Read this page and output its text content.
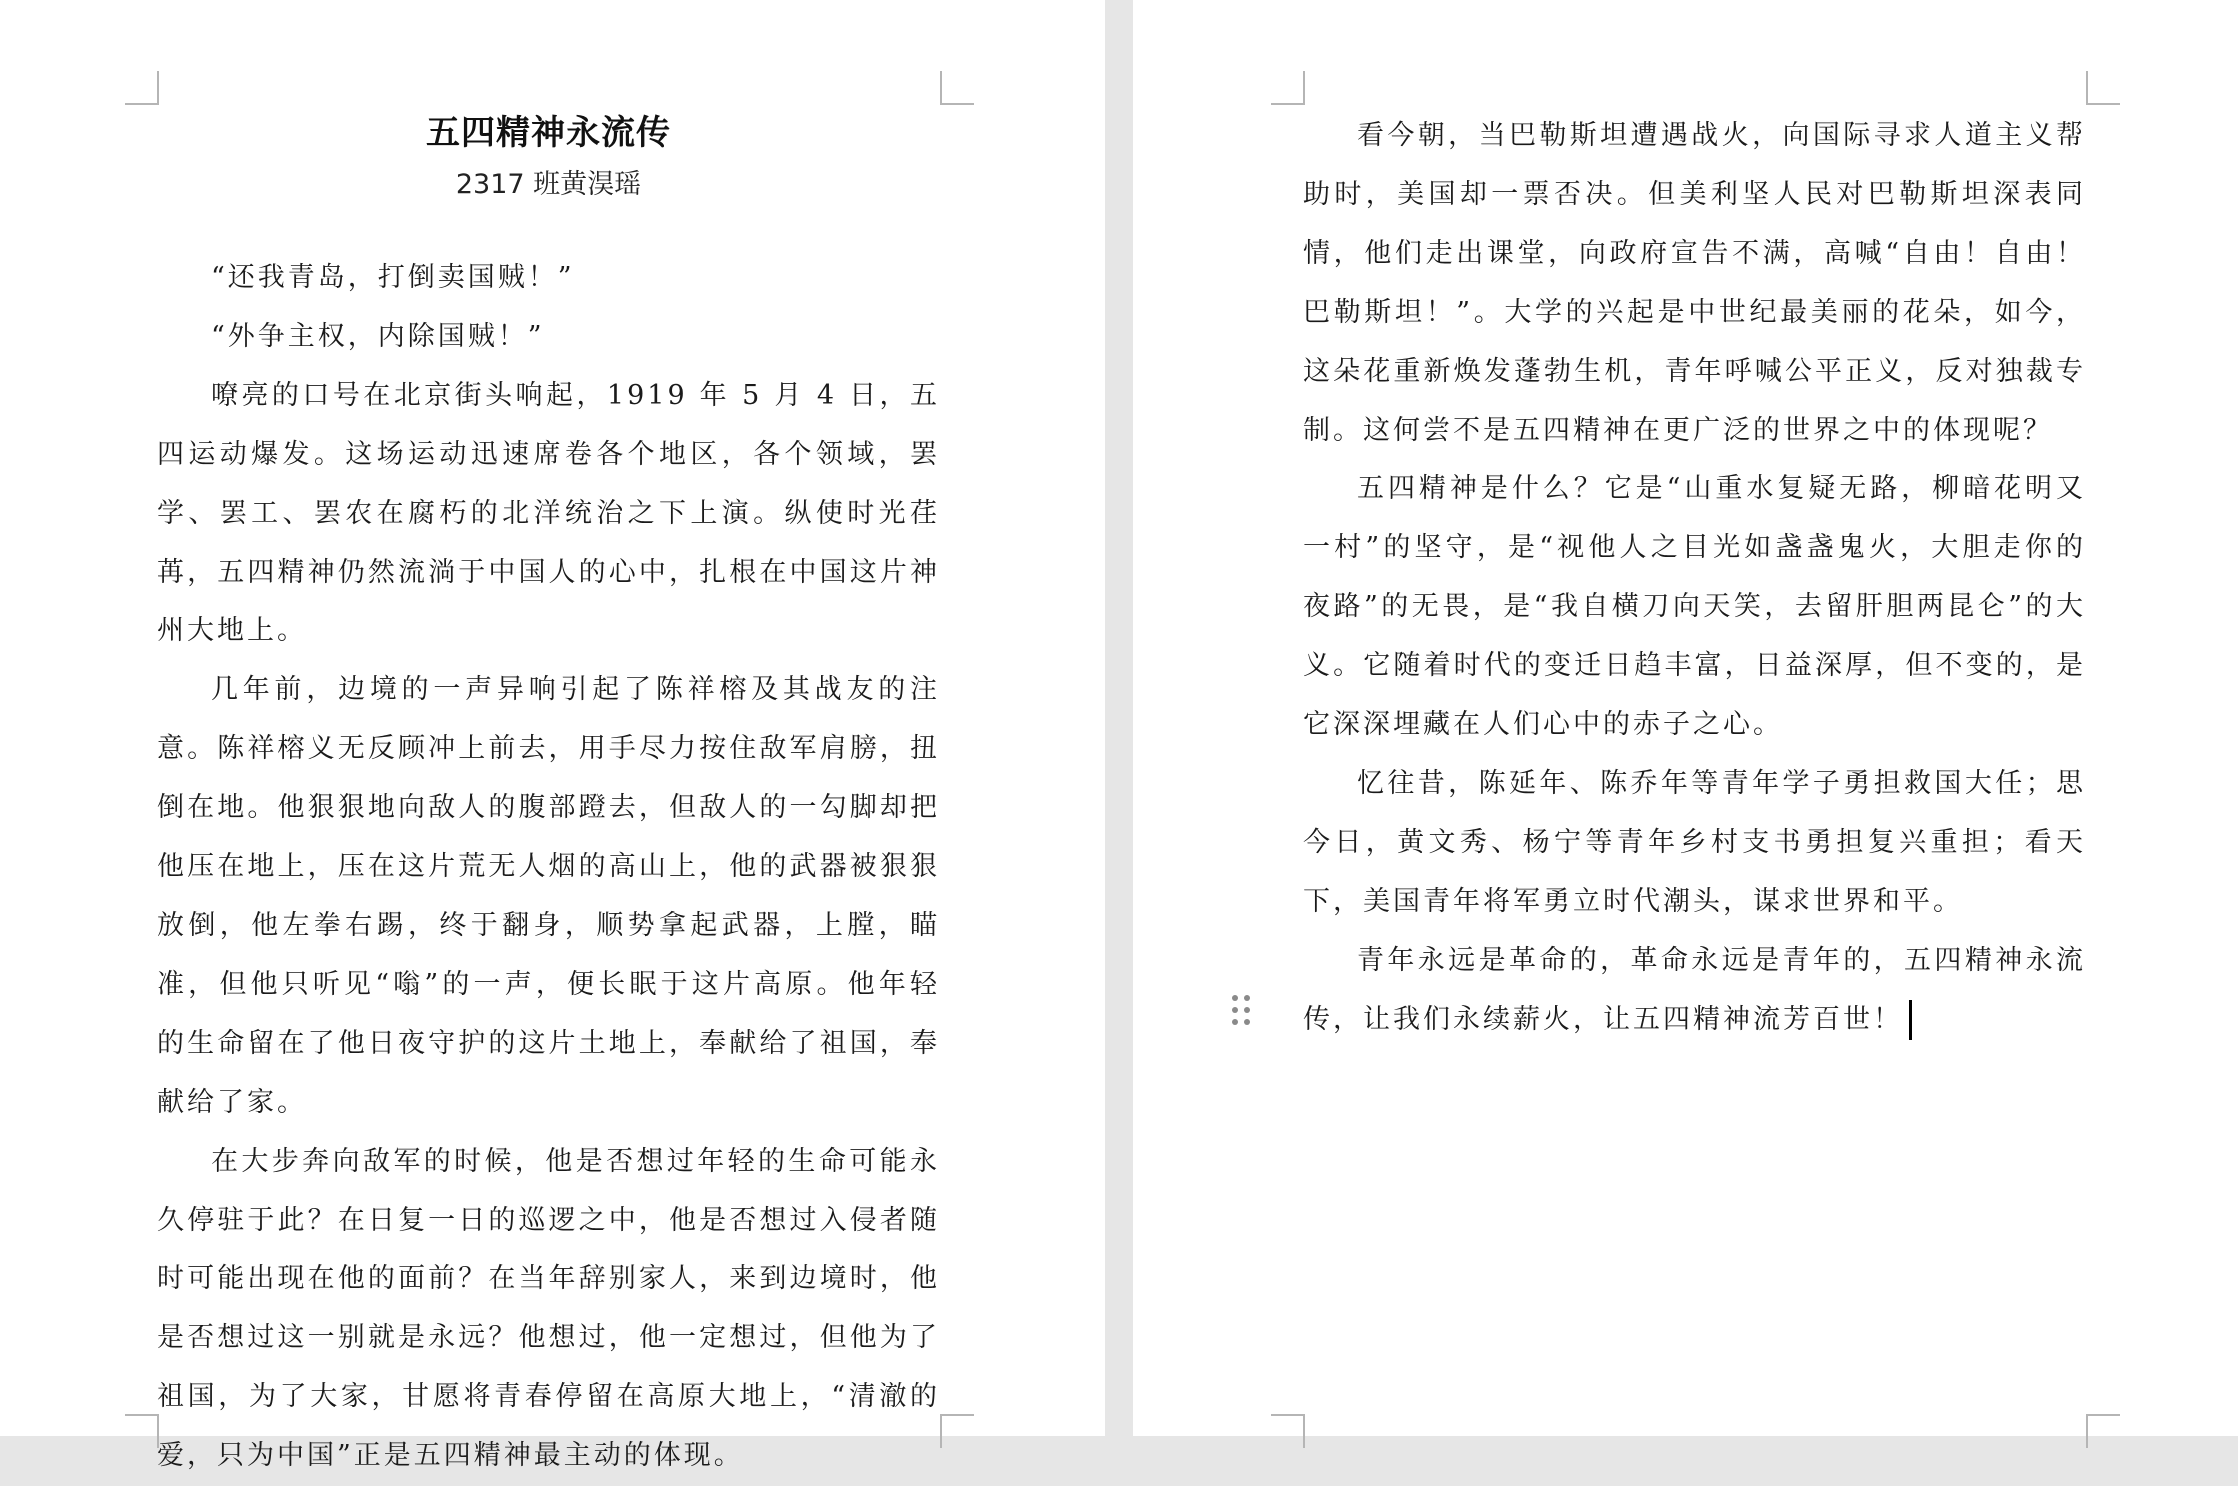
五四精神永流传
2317 班黄淏瑶

“还我青岛，打倒卖国贼！”

“外争主权，内除国贼！”

嘹亮的口号在北京街头响起，1919 年 5 月 4 日，五四运动爆发。这场运动迅速席卷各个地区，各个领域，罢学、罢工、罢农在腐朽的北洋统治之下上演。纵使时光荏苒，五四精神仍然流淌于中国人的心中，扎根在中国这片神州大地上。

几年前，边境的一声异响引起了陈祥榕及其战友的注意。陈祥榕义无反顾冲上前去，用手尽力按住敌军肩膀，扭倒在地。他狠狠地向敌人的腹部蹬去，但敌人的一勾脚却把他压在地上，压在这片荒无人烟的高山上，他的武器被狠狠放倒，他左拳右踢，终于翻身，顺势拿起武器，上膛，瞄准，但他只听见“嗡”的一声，便长眠于这片高原。他年轻的生命留在了他日夜守护的这片土地上，奉献给了祖国，奉献给了家。

在大步奔向敌军的时候，他是否想过年轻的生命可能永久停驻于此？在日复一日的巡逻之中，他是否想过入侵者随时可能出现在他的面前？在当年辞别家人，来到边境时，他是否想过这一别就是永远？他想过，他一定想过，但他为了祖国，为了大家，甘愿将青春停留在高原大地上，“清澈的爱，只为中国”正是五四精神最主动的体现。

看今朝，当巴勒斯坦遭遇战火，向国际寻求人道主义帮助时，美国却一票否决。但美利坚人民对巴勒斯坦深表同情，他们走出课堂，向政府宣告不满，高喊“自由！自由！巴勒斯坦！”。大学的兴起是中世纪最美丽的花朵，如今，这朵花重新焕发蓬勃生机，青年呼喊公平正义，反对独裁专制。这何尝不是五四精神在更广泛的世界之中的体现呢？

五四精神是什么？它是“山重水复疑无路，柳暗花明又一村”的坚守，是“视他人之目光如盏盏鬼火，大胆走你的夜路”的无畏，是“我自横刀向天笑，去留肝胆两昆仑”的大义。它随着时代的变迁日趋丰富，日益深厚，但不变的，是它深深埋藏在人们心中的赤子之心。

忆往昔，陈延年、陈乔年等青年学子勇担救国大任；思今日，黄文秀、杨宁等青年乡村支书勇担复兴重担；看天下，美国青年将军勇立时代潮头，谋求世界和平。

青年永远是革命的，革命永远是青年的，五四精神永流传，让我们永续薪火，让五四精神流芳百世！
